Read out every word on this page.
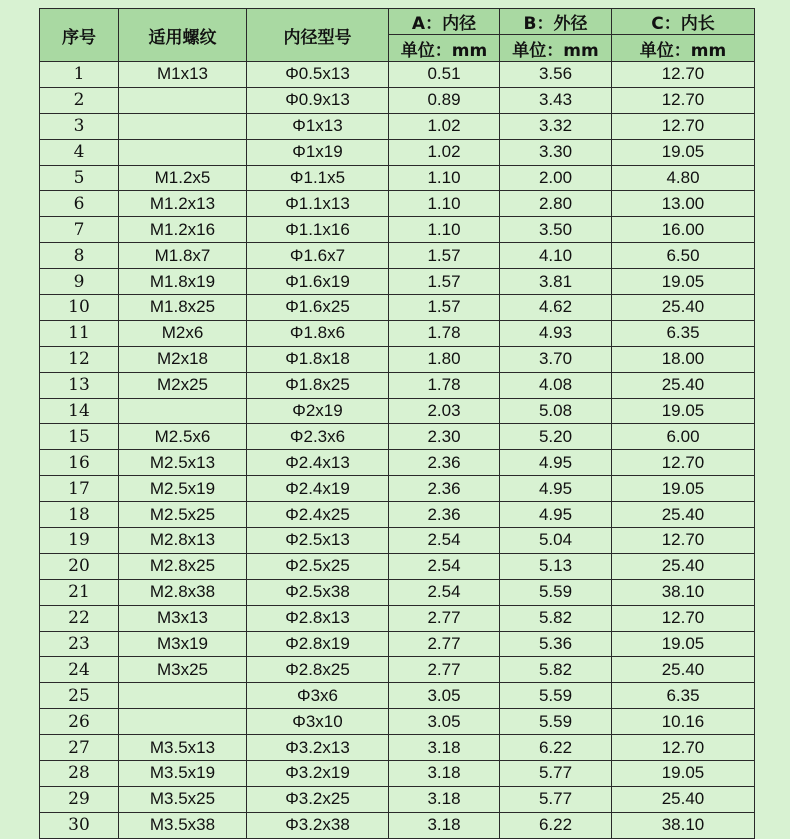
序号	适用螺纹	内径型号	A：内径	B：外径	C：内长
			单位：mm	单位：mm	单位：mm
1	M1x13	Φ0.5x13	0.51	3.56	12.70
2		Φ0.9x13	0.89	3.43	12.70
3		Φ1x13	1.02	3.32	12.70
4		Φ1x19	1.02	3.30	19.05
5	M1.2x5	Φ1.1x5	1.10	2.00	4.80
6	M1.2x13	Φ1.1x13	1.10	2.80	13.00
7	M1.2x16	Φ1.1x16	1.10	3.50	16.00
8	M1.8x7	Φ1.6x7	1.57	4.10	6.50
9	M1.8x19	Φ1.6x19	1.57	3.81	19.05
10	M1.8x25	Φ1.6x25	1.57	4.62	25.40
11	M2x6	Φ1.8x6	1.78	4.93	6.35
12	M2x18	Φ1.8x18	1.80	3.70	18.00
13	M2x25	Φ1.8x25	1.78	4.08	25.40
14		Φ2x19	2.03	5.08	19.05
15	M2.5x6	Φ2.3x6	2.30	5.20	6.00
16	M2.5x13	Φ2.4x13	2.36	4.95	12.70
17	M2.5x19	Φ2.4x19	2.36	4.95	19.05
18	M2.5x25	Φ2.4x25	2.36	4.95	25.40
19	M2.8x13	Φ2.5x13	2.54	5.04	12.70
20	M2.8x25	Φ2.5x25	2.54	5.13	25.40
21	M2.8x38	Φ2.5x38	2.54	5.59	38.10
22	M3x13	Φ2.8x13	2.77	5.82	12.70
23	M3x19	Φ2.8x19	2.77	5.36	19.05
24	M3x25	Φ2.8x25	2.77	5.82	25.40
25		Φ3x6	3.05	5.59	6.35
26		Φ3x10	3.05	5.59	10.16
27	M3.5x13	Φ3.2x13	3.18	6.22	12.70
28	M3.5x19	Φ3.2x19	3.18	5.77	19.05
29	M3.5x25	Φ3.2x25	3.18	5.77	25.40
30	M3.5x38	Φ3.2x38	3.18	6.22	38.10
